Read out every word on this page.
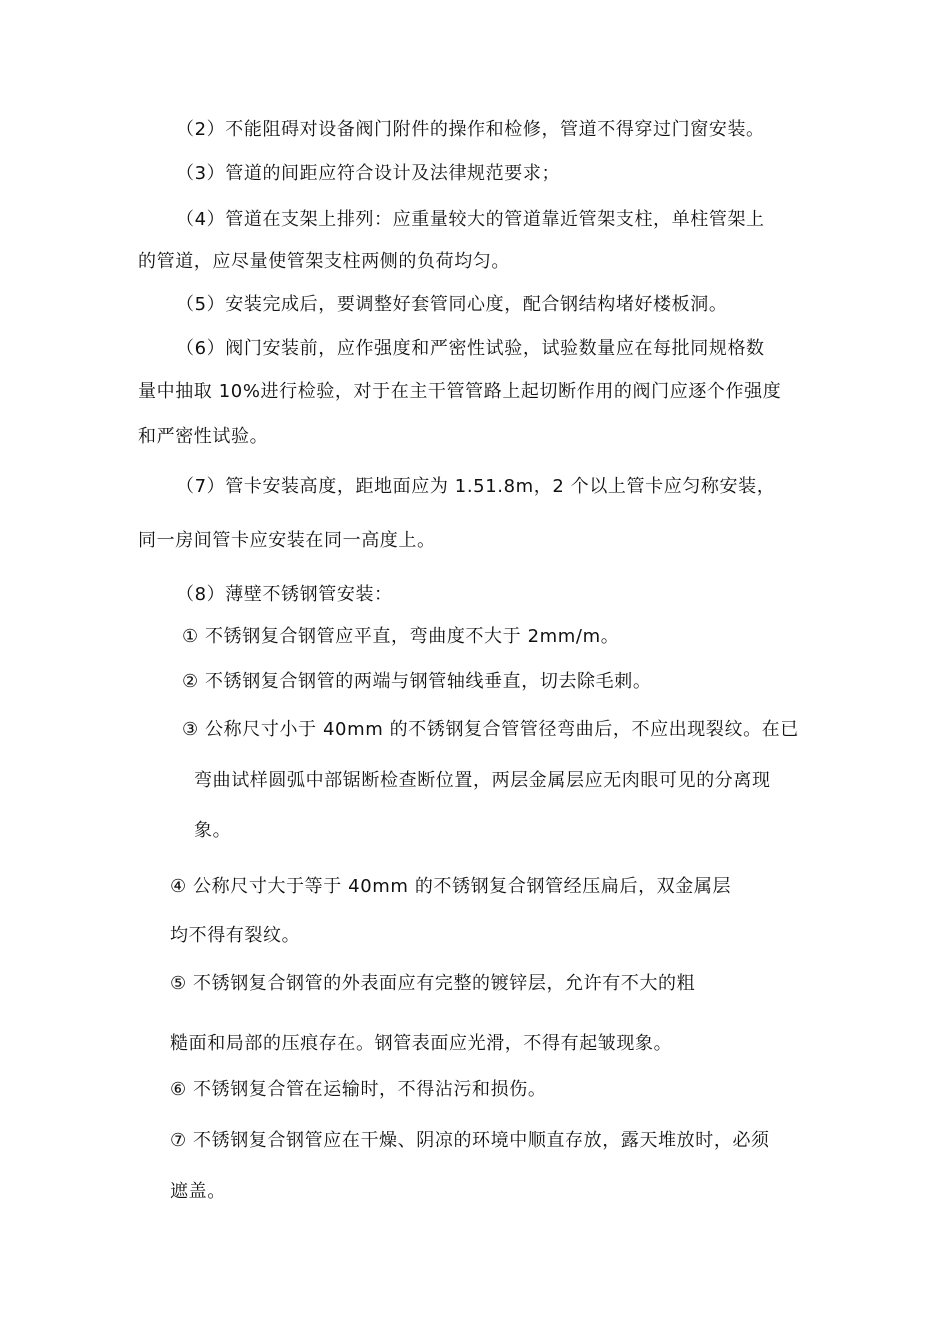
（2）不能阻碍对设备阀门附件的操作和检修，管道不得穿过门窗安装。
（3）管道的间距应符合设计及法律规范要求；
（4）管道在支架上排列：应重量较大的管道靠近管架支柱，单柱管架上
的管道，应尽量使管架支柱两侧的负荷均匀。
（5）安装完成后，要调整好套管同心度，配合钢结构堵好楼板洞。
（6）阀门安装前，应作强度和严密性试验，试验数量应在每批同规格数
量中抽取 10%进行检验，对于在主干管管路上起切断作用的阀门应逐个作强度
和严密性试验。
（7）管卡安装高度，距地面应为 1.51.8m，2 个以上管卡应匀称安装，
同一房间管卡应安装在同一高度上。
（8）薄壁不锈钢管安装：
① 不锈钢复合钢管应平直，弯曲度不大于 2mm/m。
② 不锈钢复合钢管的两端与钢管轴线垂直，切去除毛刺。
③ 公称尺寸小于 40mm 的不锈钢复合管管径弯曲后，不应出现裂纹。在已
弯曲试样圆弧中部锯断检查断位置，两层金属层应无肉眼可见的分离现
象。
④ 公称尺寸大于等于 40mm 的不锈钢复合钢管经压扁后，双金属层
均不得有裂纹。
⑤ 不锈钢复合钢管的外表面应有完整的镀锌层，允许有不大的粗
糙面和局部的压痕存在。钢管表面应光滑，不得有起皱现象。
⑥ 不锈钢复合管在运输时，不得沾污和损伤。
⑦ 不锈钢复合钢管应在干燥、阴凉的环境中顺直存放，露天堆放时，必须
遮盖。
